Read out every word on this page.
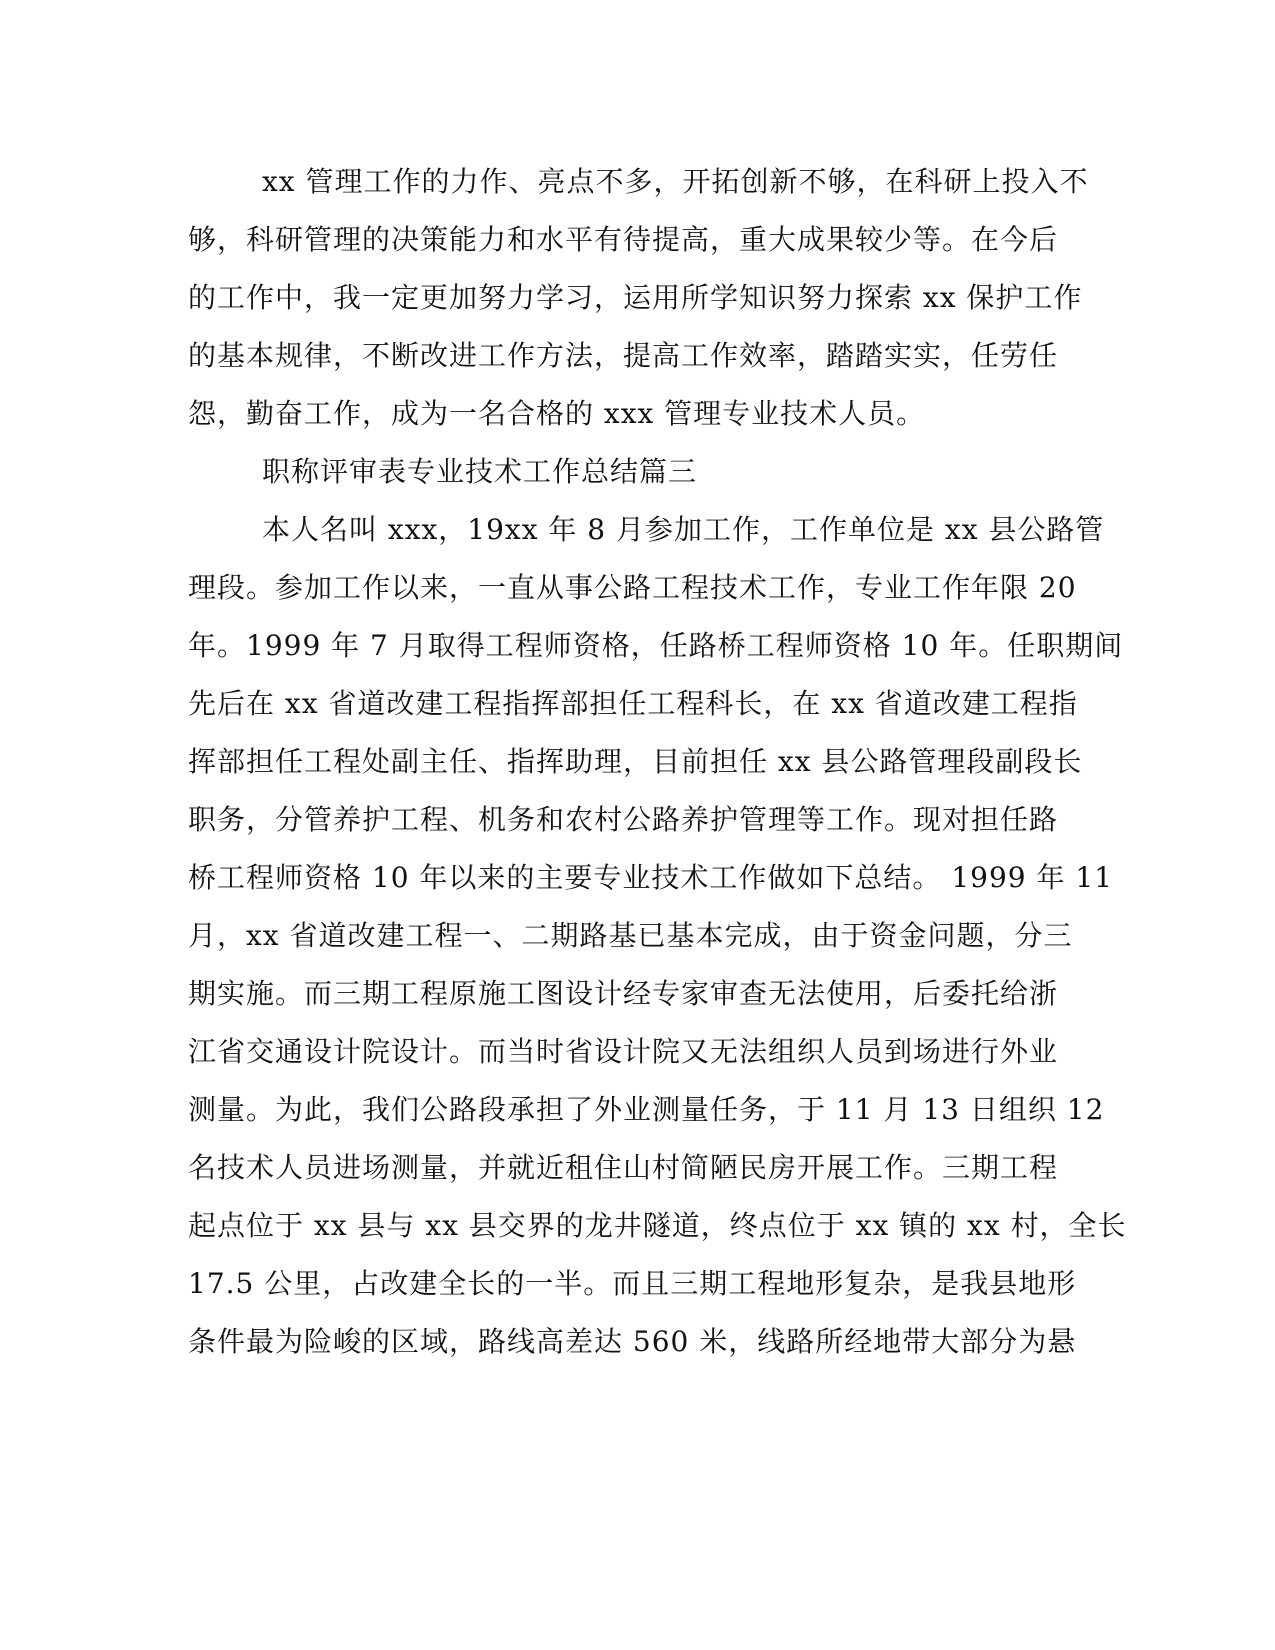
xx 管理工作的力作、亮点不多，开拓创新不够，在科研上投入不
够，科研管理的决策能力和水平有待提高，重大成果较少等。在今后
的工作中，我一定更加努力学习，运用所学知识努力探索 xx 保护工作
的基本规律，不断改进工作方法，提高工作效率，踏踏实实，任劳任
怨，勤奋工作，成为一名合格的 xxx 管理专业技术人员。
职称评审表专业技术工作总结篇三
本人名叫 xxx，19xx 年 8 月参加工作，工作单位是 xx 县公路管
理段。参加工作以来，一直从事公路工程技术工作，专业工作年限 20
年。1999 年 7 月取得工程师资格，任路桥工程师资格 10 年。任职期间
先后在 xx 省道改建工程指挥部担任工程科长，在 xx 省道改建工程指
挥部担任工程处副主任、指挥助理，目前担任 xx 县公路管理段副段长
职务，分管养护工程、机务和农村公路养护管理等工作。现对担任路
桥工程师资格 10 年以来的主要专业技术工作做如下总结。 1999 年 11
月，xx 省道改建工程一、二期路基已基本完成，由于资金问题，分三
期实施。而三期工程原施工图设计经专家审查无法使用，后委托给浙
江省交通设计院设计。而当时省设计院又无法组织人员到场进行外业
测量。为此，我们公路段承担了外业测量任务，于 11 月 13 日组织 12
名技术人员进场测量，并就近租住山村简陋民房开展工作。三期工程
起点位于 xx 县与 xx 县交界的龙井隧道，终点位于 xx 镇的 xx 村，全长
17.5 公里，占改建全长的一半。而且三期工程地形复杂，是我县地形
条件最为险峻的区域，路线高差达 560 米，线路所经地带大部分为悬
